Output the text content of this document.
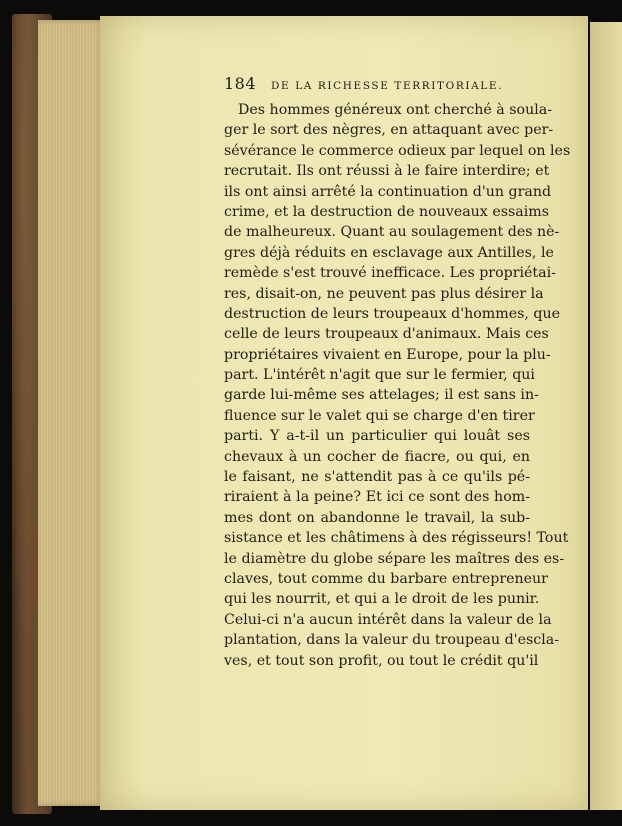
184 DE LA RICHESSE TERRITORIALE.
Des hommes généreux ont cherché à soula-
ger le sort des nègres, en attaquant avec per-
sévérance le commerce odieux par lequel on les
recrutait. Ils ont réussi à le faire interdire; et
ils ont ainsi arrêté la continuation d'un grand
crime, et la destruction de nouveaux essaims
de malheureux. Quant au soulagement des nè-
gres déjà réduits en esclavage aux Antilles, le
remède s'est trouvé inefficace. Les propriétai-
res, disait-on, ne peuvent pas plus désirer la
destruction de leurs troupeaux d'hommes, que
celle de leurs troupeaux d'animaux. Mais ces
propriétaires vivaient en Europe, pour la plu-
part. L'intérêt n'agit que sur le fermier, qui
garde lui-même ses attelages; il est sans in-
fluence sur le valet qui se charge d'en tirer
parti. Y a-t-il un particulier qui louât ses
chevaux à un cocher de fiacre, ou qui, en
le faisant, ne s'attendit pas à ce qu'ils pé-
riraient à la peine? Et ici ce sont des hom-
mes dont on abandonne le travail, la sub-
sistance et les châtimens à des régisseurs! Tout
le diamètre du globe sépare les maîtres des es-
claves, tout comme du barbare entrepreneur
qui les nourrit, et qui a le droit de les punir.
Celui-ci n'a aucun intérêt dans la valeur de la
plantation, dans la valeur du troupeau d'escla-
ves, et tout son profit, ou tout le crédit qu'il
